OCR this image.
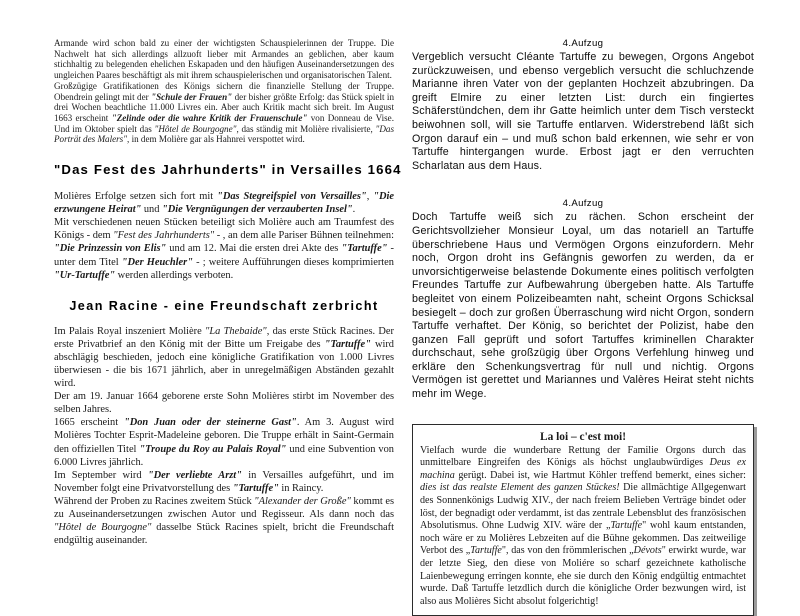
Armande wird schon bald zu einer der wichtigsten Schauspielerinnen der Truppe. Die Nachwelt hat sich allerdings allzuoft lieber mit Armandes an geblichen, aber kaum stichhaltig zu belegenden ehelichen Eskapaden und den häufigen Auseinandersetzungen des ungleichen Paares beschäftigt als mit ihrem schauspielerischen und organisatorischen Talent.

Großzügige Gratifikationen des Königs sichern die finanzielle Stellung der Truppe. Obendrein gelingt mit der "Schule der Frauen" der bisher größte Erfolg: das Stück spielt in drei Wochen beachtliche 11.000 Livres ein. Aber auch Kritik macht sich breit. Im August 1663 erscheint "Zelinde oder die wahre Kritik der Frauenschule" von Donneau de Vise. Und im Oktober spielt das "Hôtel de Bourgogne", das ständig mit Molière rivalisierte, "Das Porträt des Malers", in dem Molière gar als Hahnrei verspottet wird.

"Das Fest des Jahrhunderts" in Versailles 1664

Molières Erfolge setzen sich fort mit "Das Stegreifspiel von Versailles", "Die erzwungene Heirat" und "Die Vergnügungen der verzauberten Insel".

Mit verschiedenen neuen Stücken beteiligt sich Molière auch am Traumfest des Königs - dem "Fest des Jahrhunderts" - , an dem alle Pariser Bühnen teilnehmen: "Die Prinzessin von Elis" und am 12. Mai die ersten drei Akte des "Tartuffe" - unter dem Titel "Der Heuchler" - ; weitere Aufführungen dieses komprimierten "Ur-Tartuffe" werden allerdings verboten.

Jean Racine - eine Freundschaft zerbricht

Im Palais Royal inszeniert Molière "La Thebaide", das erste Stück Racines. Der erste Privatbrief an den König mit der Bitte um Freigabe des "Tartuffe" wird abschlägig beschieden, jedoch eine königliche Gratifikation von 1.000 Livres überwiesen - die bis 1671 jährlich, aber in unregelmäßigen Abständen gezahlt wird.

Der am 19. Januar 1664 geborene erste Sohn Molières stirbt im November des selben Jahres.

1665 erscheint "Don Juan oder der steinerne Gast". Am 3. August wird Molières Tochter Esprit-Madeleine geboren. Die Truppe erhält in Saint-Germain den offiziellen Titel "Troupe du Roy au Palais Royal" und eine Subvention von 6.000 Livres jährlich.

Im September wird "Der verliebte Arzt" in Versailles aufgeführt, und im November folgt eine Privatvorstellung des "Tartuffe" in Raincy.

Während der Proben zu Racines zweitem Stück "Alexander der Große" kommt es zu Auseinandersetzungen zwischen Autor und Regisseur. Als dann noch das "Hôtel de Bourgogne" dasselbe Stück Racines spielt, bricht die Freundschaft endgültig auseinander.

4.Aufzug

Vergeblich versucht Cléante Tartuffe zu bewegen, Orgons Angebot zurückzuweisen, und ebenso vergeblich versucht die schluchzende Marianne ihren Vater von der geplanten Hochzeit abzubringen. Da greift Elmire zu einer letzten List: durch ein fingiertes Schäferstündchen, dem ihr Gatte heimlich unter dem Tisch versteckt beiwohnen soll, will sie Tartuffe entlarven. Widerstrebend läßt sich Orgon darauf ein – und muß schon bald erkennen, wie sehr er von Tartuffe hintergangen wurde. Erbost jagt er den verruchten Scharlatan aus dem Haus.

4.Aufzug

Doch Tartuffe weiß sich zu rächen. Schon erscheint der Gerichtsvollzieher Monsieur Loyal, um das notariell an Tartuffe überschriebene Haus und Vermögen Orgons einzufordern. Mehr noch, Orgon droht ins Gefängnis geworfen zu werden, da er unvorsichtigerweise belastende Dokumente eines politisch verfolgten Freundes Tartuffe zur Aufbewahrung übergeben hatte. Als Tartuffe begleitet von einem Polizeibeamten naht, scheint Orgons Schicksal besiegelt – doch zur großen Überraschung wird nicht Orgon, sondern Tartuffe verhaftet. Der König, so berichtet der Polizist, habe den ganzen Fall geprüft und sofort Tartuffes kriminellen Charakter durchschaut, sehe großzügig über Orgons Verfehlung hinweg und erkläre den Schenkungsvertrag für null und nichtig. Orgons Vermögen ist gerettet und Mariannes und Valères Heirat steht nichts mehr im Wege.

La loi – c'est moi!

Vielfach wurde die wunderbare Rettung der Familie Orgons durch das unmittelbare Eingreifen des Königs als höchst unglaubwürdiges Deus ex machina gerügt. Dabei ist, wie Hartmut Köhler treffend bemerkt, eines sicher: dies ist das realste Element des ganzen Stückes! Die allmächtige Allgegenwart des Sonnenkönigs Ludwig XIV., der nach freiem Belieben Verträge bindet oder löst, der begnadigt oder verdammt, ist das zentrale Lebensblut des französischen Absolutismus. Ohne Ludwig XIV. wäre der „Tartuffe" wohl kaum entstanden, noch wäre er zu Molières Lebzeiten auf die Bühne gekommen. Das zeitweilige Verbot des „Tartuffe", das von den frömmlerischen „Dévots" erwirkt wurde, war der letzte Sieg, den diese von Moliére so scharf gezeichnete katholische Laienbewegung erringen konnte, ehe sie durch den König endgültig entmachtet wurde. Daß Tartuffe letzdlich durch die königliche Order bezwungen wird, ist also aus Molières Sicht absolut folgerichtig!
